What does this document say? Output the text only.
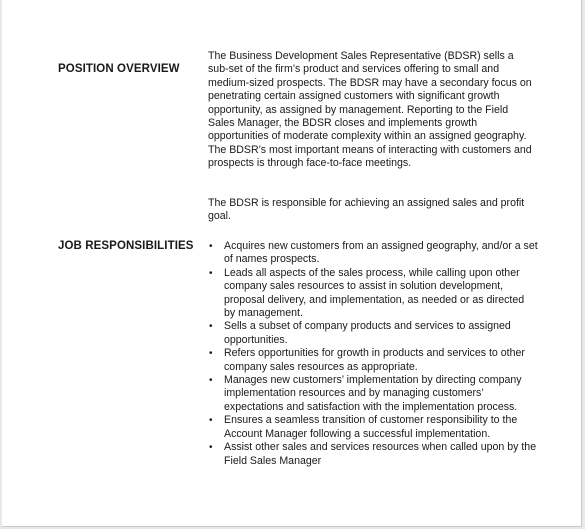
POSITION OVERVIEW

The Business Development Sales Representative (BDSR) sells a sub-set of the firm’s product and services offering to small and medium-sized prospects. The BDSR may have a secondary focus on penetrating certain assigned customers with significant growth opportunity, as assigned by management. Reporting to the Field Sales Manager, the BDSR closes and implements growth opportunities of moderate complexity within an assigned geography. The BDSR’s most important means of interacting with customers and prospects is through face-to-face meetings.

The BDSR is responsible for achieving an assigned sales and profit goal.

JOB RESPONSIBILITIES • Acquires new customers from an assigned geography, and/or a set of names prospects.
• Leads all aspects of the sales process, while calling upon other company sales resources to assist in solution development, proposal delivery, and implementation, as needed or as directed by management.
• Sells a subset of company products and services to assigned opportunities.
• Refers opportunities for growth in products and services to other company sales resources as appropriate.
• Manages new customers’ implementation by directing company implementation resources and by managing customers’ expectations and satisfaction with the implementation process.
• Ensures a seamless transition of customer responsibility to the Account Manager following a successful implementation.
• Assist other sales and services resources when called upon by the Field Sales Manager
